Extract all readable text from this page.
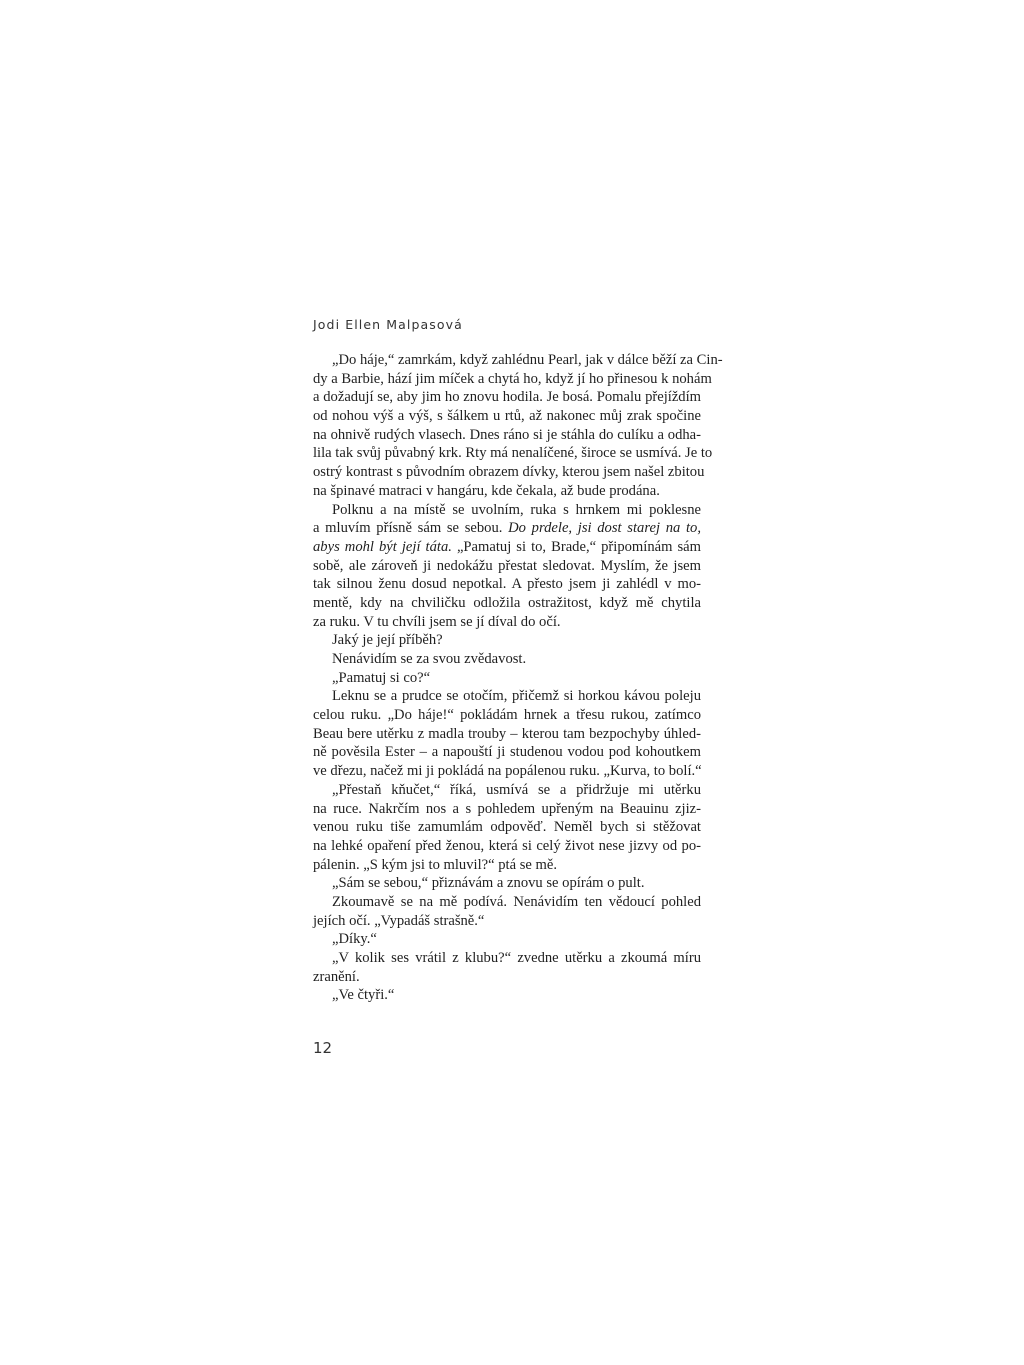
Jodi Ellen Malpasová
„Do háje,“ zamrkám, když zahlédnu Pearl, jak v dálce běží za Cin-
dy a Barbie, hází jim míček a chytá ho, když jí ho přinesou k nohám
a dožadují se, aby jim ho znovu hodila. Je bosá. Pomalu přejíždím
od nohou výš a výš, s šálkem u rtů, až nakonec můj zrak spočine
na ohnivě rudých vlasech. Dnes ráno si je stáhla do culíku a odha-
lila tak svůj půvabný krk. Rty má nenalíčené, široce se usmívá. Je to
ostrý kontrast s původním obrazem dívky, kterou jsem našel zbitou
na špinavé matraci v hangáru, kde čekala, až bude prodána.
Polknu a na místě se uvolním, ruka s hrnkem mi poklesne
a mluvím přísně sám se sebou. Do prdele, jsi dost starej na to,
abys mohl být její táta. „Pamatuj si to, Brade,“ připomínám sám
sobě, ale zároveň ji nedokážu přestat sledovat. Myslím, že jsem
tak silnou ženu dosud nepotkal. A přesto jsem ji zahlédl v mo-
mentě, kdy na chviličku odložila ostražitost, když mě chytila
za ruku. V tu chvíli jsem se jí díval do očí.
Jaký je její příběh?
Nenávidím se za svou zvědavost.
„Pamatuj si co?“
Leknu se a prudce se otočím, přičemž si horkou kávou poleju
celou ruku. „Do háje!“ pokládám hrnek a třesu rukou, zatímco
Beau bere utěrku z madla trouby – kterou tam bezpochyby úhled-
ně pověsila Ester – a napouští ji studenou vodou pod kohoutkem
ve dřezu, načež mi ji pokládá na popálenou ruku. „Kurva, to bolí.“
„Přestaň kňučet,“ říká, usmívá se a přidržuje mi utěrku
na ruce. Nakrčím nos a s pohledem upřeným na Beauinu zjiz-
venou ruku tiše zamumlám odpověď. Neměl bych si stěžovat
na lehké opaření před ženou, která si celý život nese jizvy od po-
pálenin. „S kým jsi to mluvil?“ ptá se mě.
„Sám se sebou,“ přiznávám a znovu se opírám o pult.
Zkoumavě se na mě podívá. Nenávidím ten vědoucí pohled
jejích očí. „Vypadáš strašně.“
„Díky.“
„V kolik ses vrátil z klubu?“ zvedne utěrku a zkoumá míru
zranění.
„Ve čtyři.“
12
